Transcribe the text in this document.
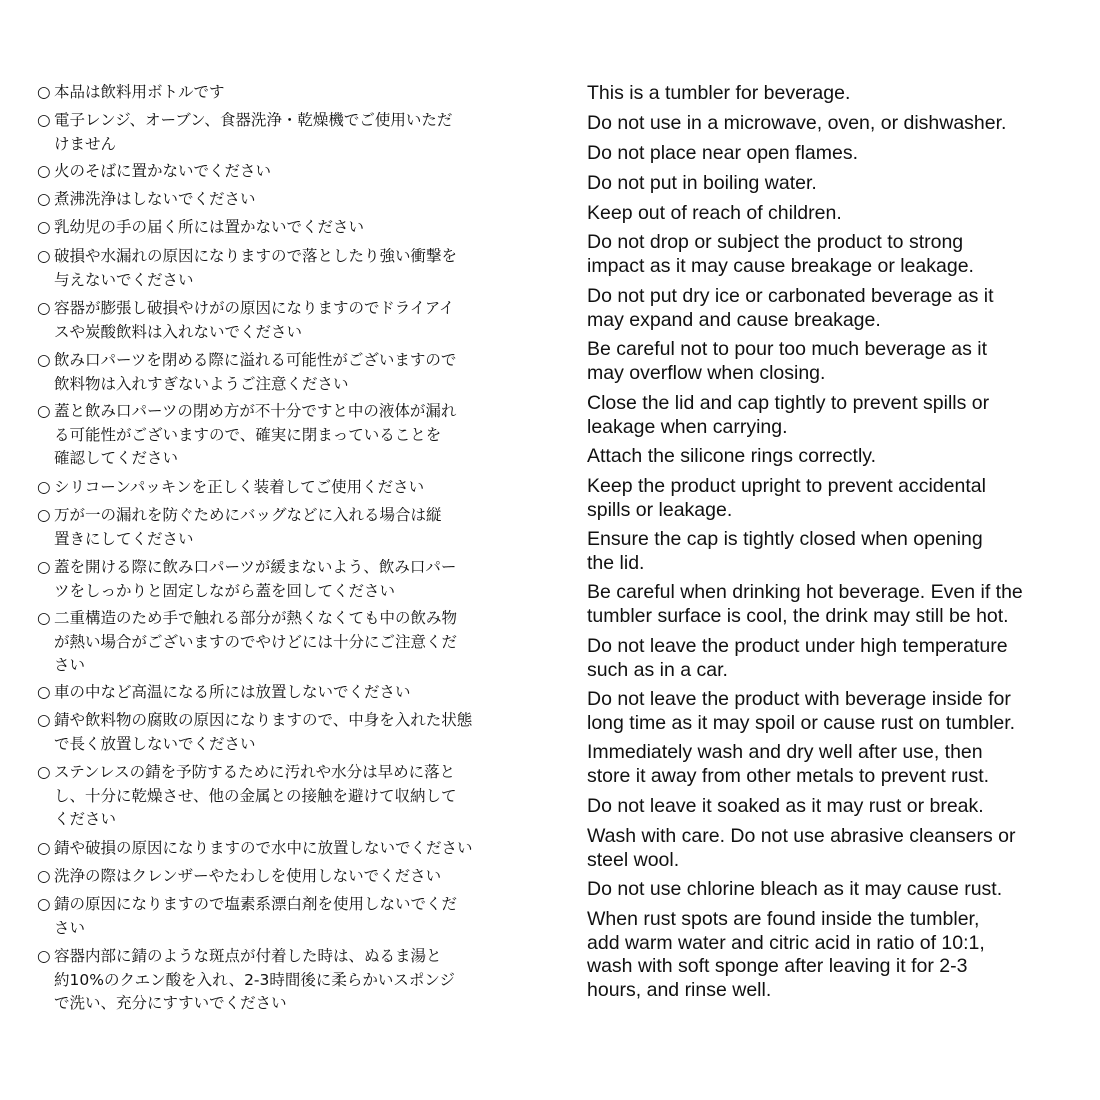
○ 本品は飲料用ボトルです
○ 電子レンジ、オーブン、食器洗浄・乾燥機でご使用いただ
けません
○ 火のそばに置かないでください
○ 煮沸洗浄はしないでください
○ 乳幼児の手の届く所には置かないでください
○ 破損や水漏れの原因になりますので落としたり強い衝撃を
与えないでください
○ 容器が膨張し破損やけがの原因になりますのでドライアイ
スや炭酸飲料は入れないでください
○ 飲み口パーツを閉める際に溢れる可能性がございますので
飲料物は入れすぎないようご注意ください
○ 蓋と飲み口パーツの閉め方が不十分ですと中の液体が漏れ
る可能性がございますので、確実に閉まっていることを
確認してください
○ シリコーンパッキンを正しく装着してご使用ください
○ 万が一の漏れを防ぐためにバッグなどに入れる場合は縦
置きにしてください
○ 蓋を開ける際に飲み口パーツが緩まないよう、飲み口パー
ツをしっかりと固定しながら蓋を回してください
○ 二重構造のため手で触れる部分が熱くなくても中の飲み物
が熱い場合がございますのでやけどには十分にご注意くだ
さい
○ 車の中など高温になる所には放置しないでください
○ 錆や飲料物の腐敗の原因になりますので、中身を入れた状態
で長く放置しないでください
○ ステンレスの錆を予防するために汚れや水分は早めに落と
し、十分に乾燥させ、他の金属との接触を避けて収納して
ください
○ 錆や破損の原因になりますので水中に放置しないでください
○ 洗浄の際はクレンザーやたわしを使用しないでください
○ 錆の原因になりますので塩素系漂白剤を使用しないでくだ
さい
○ 容器内部に錆のような斑点が付着した時は、ぬるま湯と
約10%のクエン酸を入れ、2-3時間後に柔らかいスポンジ
で洗い、充分にすすいでください
This is a tumbler for beverage.
Do not use in a microwave, oven, or dishwasher.
Do not place near open flames.
Do not put in boiling water.
Keep out of reach of children.
Do not drop or subject the product to strong
impact as it may cause breakage or leakage.
Do not put dry ice or carbonated beverage as it
may expand and cause breakage.
Be careful not to pour too much beverage as it
may overflow when closing.
Close the lid and cap tightly to prevent spills or
leakage when carrying.
Attach the silicone rings correctly.
Keep the product upright to prevent accidental
spills or leakage.
Ensure the cap is tightly closed when opening
the lid.
Be careful when drinking hot beverage. Even if the
tumbler surface is cool, the drink may still be hot.
Do not leave the product under high temperature
such as in a car.
Do not leave the product with beverage inside for
long time as it may spoil or cause rust on tumbler.
Immediately wash and dry well after use, then
store it away from other metals to prevent rust.
Do not leave it soaked as it may rust or break.
Wash with care. Do not use abrasive cleansers or
steel wool.
Do not use chlorine bleach as it may cause rust.
When rust spots are found inside the tumbler,
add warm water and citric acid in ratio of 10:1,
wash with soft sponge after leaving it for 2-3
hours, and rinse well.
